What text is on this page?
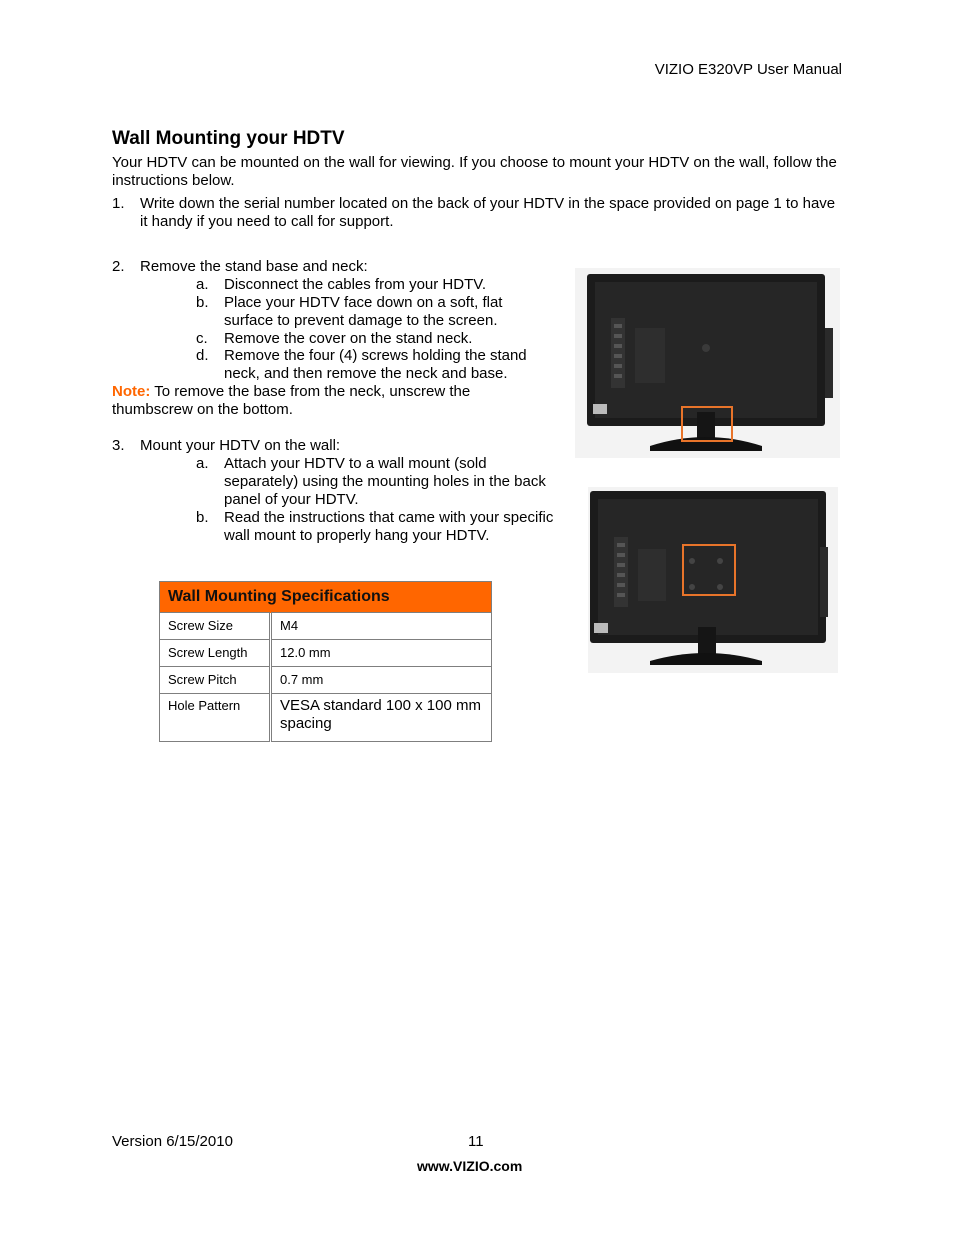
VIZIO E320VP User Manual
Wall Mounting your HDTV
Your HDTV can be mounted on the wall for viewing. If you choose to mount your HDTV on the wall, follow the instructions below.
1. Write down the serial number located on the back of your HDTV in the space provided on page 1 to have it handy if you need to call for support.
2. Remove the stand base and neck:
a. Disconnect the cables from your HDTV.
b. Place your HDTV face down on a soft, flat surface to prevent damage to the screen.
c. Remove the cover on the stand neck.
d. Remove the four (4) screws holding the stand neck, and then remove the neck and base.
Note: To remove the base from the neck, unscrew the thumbscrew on the bottom.
3. Mount your HDTV on the wall:
a. Attach your HDTV to a wall mount (sold separately) using the mounting holes in the back panel of your HDTV.
b. Read the instructions that came with your specific wall mount to properly hang your HDTV.
Wall Mounting Specifications	
Screw Size	M4
Screw Length	12.0 mm
Screw Pitch	0.7 mm
Hole Pattern	VESA standard 100 x 100 mm spacing
Version 6/15/2010	11
www.VIZIO.com
